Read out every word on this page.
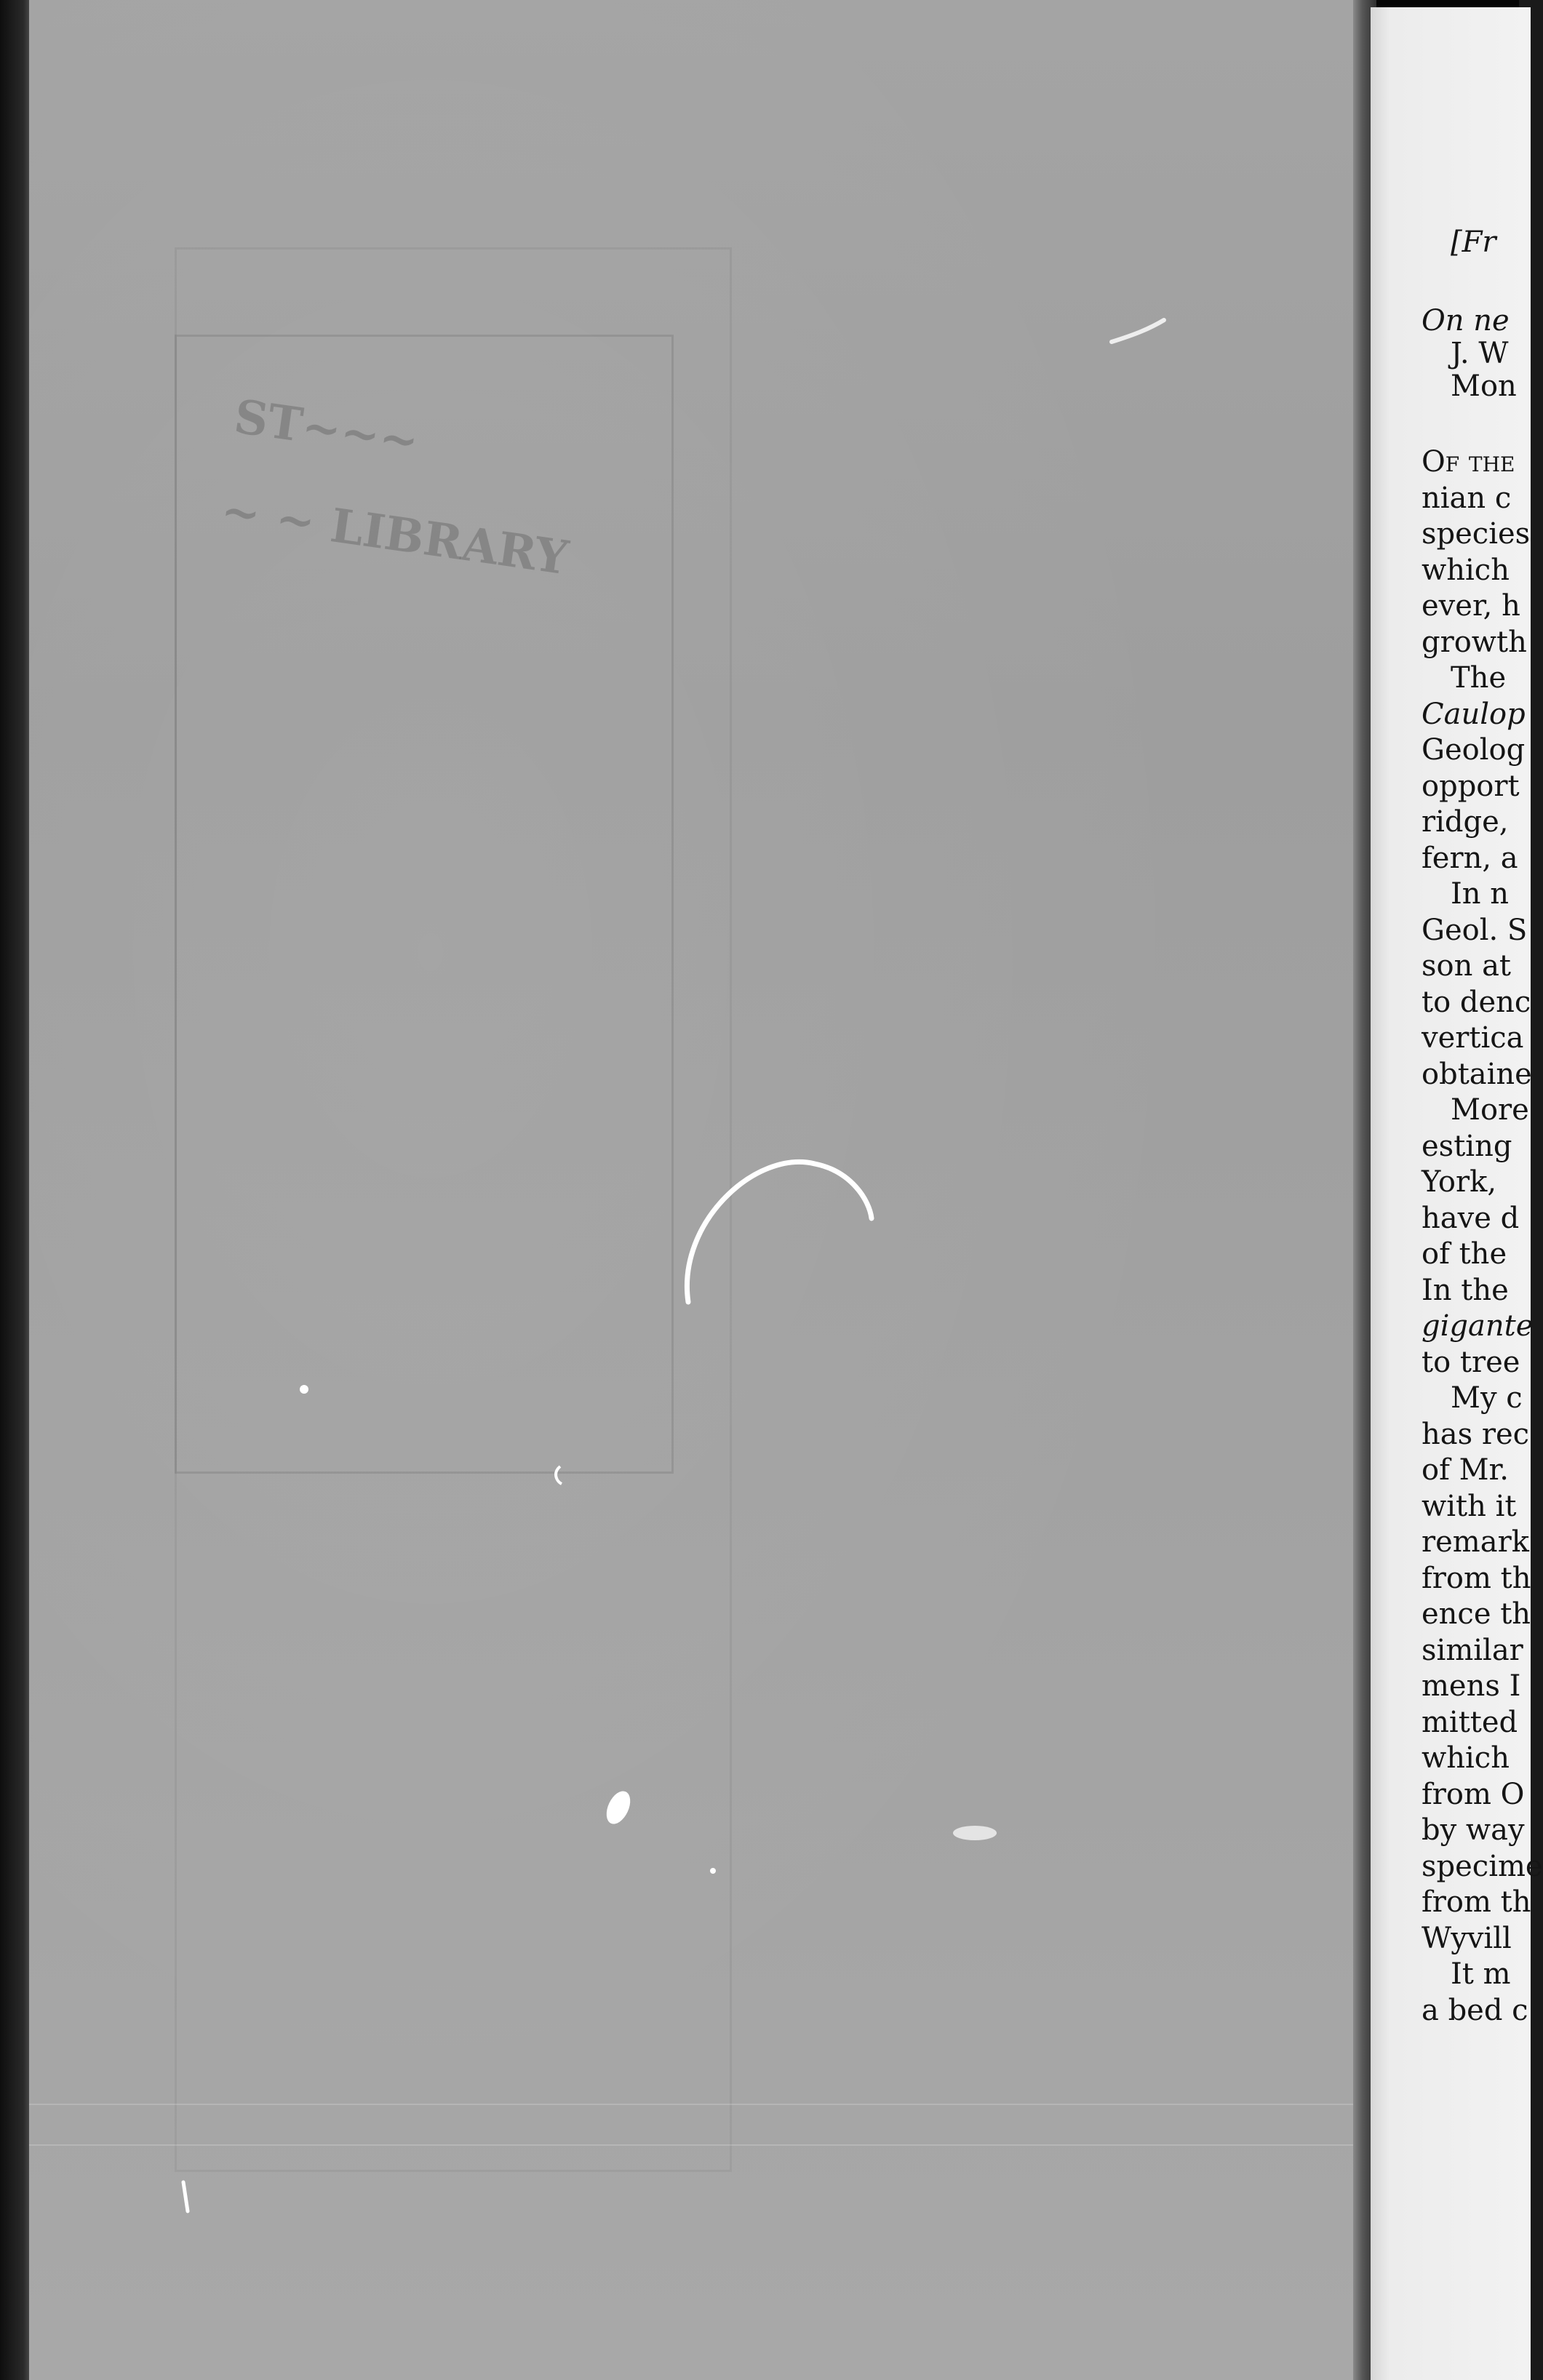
ST~~~
~ ~ LIBRARY
[Fr
On ne
J. W
Mon
Of the
nian c
species
which
ever, h
growth
The
Caulop
Geolog
opport
ridge,
fern, a
In n
Geol. S
son at
to denc
vertica
obtaine
More
esting
York,
have d
of the
In the
gigante
to tree
My c
has rec
of Mr.
with it
remark
from th
ence th
similar
mens I
mitted
which
from O
by way
specime
from th
Wyvill
It m
a bed c
